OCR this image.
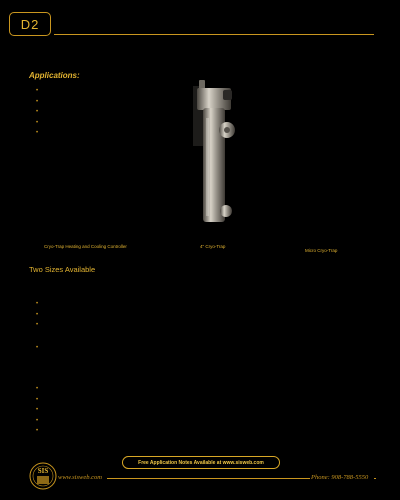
D2
Applications:
Cryo-Trap Heating and Cooling Controller	4" Cryo-Trap
Micro Cryo-Trap
Two Sizes Available
Free Application Notes Available at www.sisweb.com
SIS
www.sisweb.com	Phone: 908-788-5550
